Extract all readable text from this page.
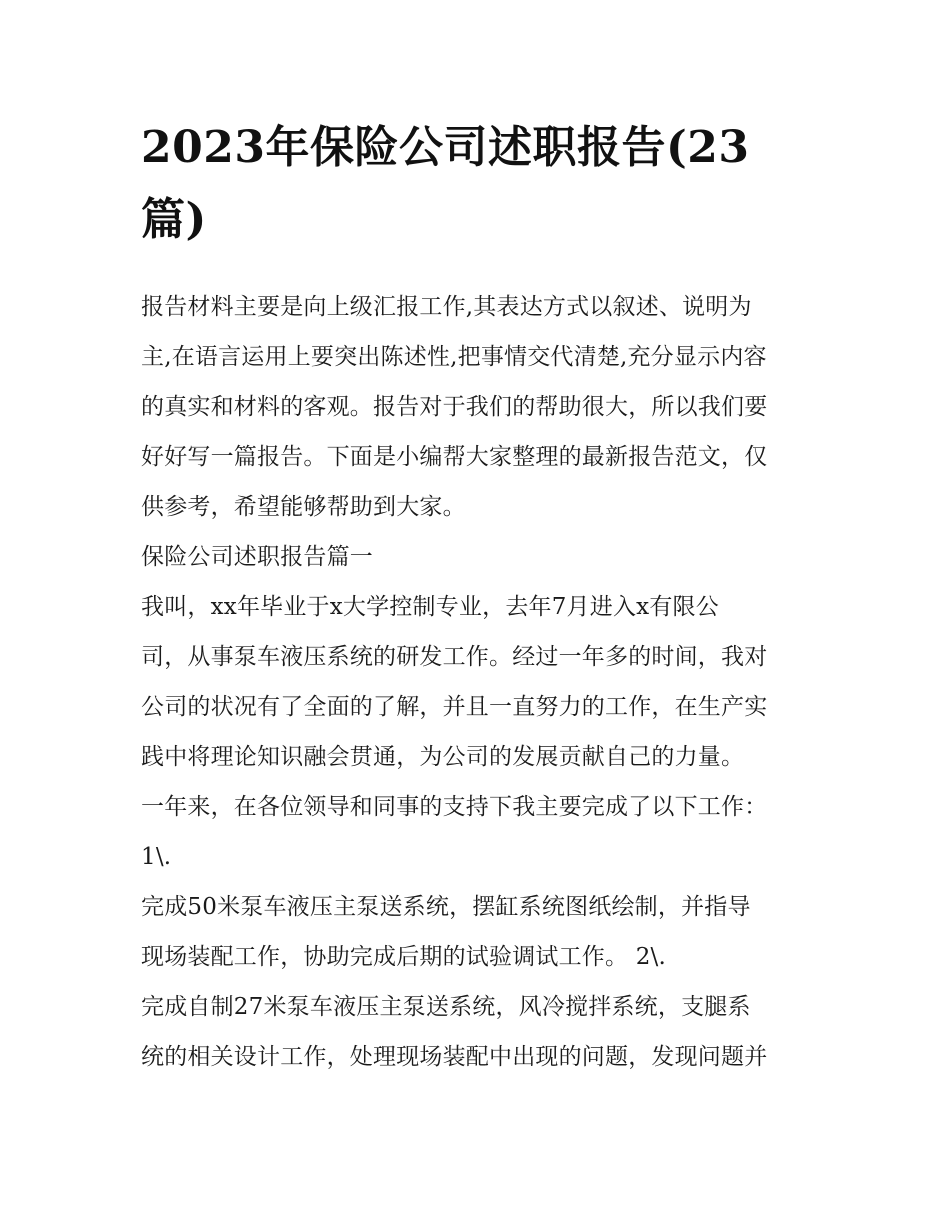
2023年保险公司述职报告(23
篇)
报告材料主要是向上级汇报工作,其表达方式以叙述、说明为
主,在语言运用上要突出陈述性,把事情交代清楚,充分显示内容
的真实和材料的客观。报告对于我们的帮助很大，所以我们要
好好写一篇报告。下面是小编帮大家整理的最新报告范文，仅
供参考，希望能够帮助到大家。
保险公司述职报告篇一
我叫，xx年毕业于x大学控制专业，去年7月进入x有限公
司，从事泵车液压系统的研发工作。经过一年多的时间，我对
公司的状况有了全面的了解，并且一直努力的工作，在生产实
践中将理论知识融会贯通，为公司的发展贡献自己的力量。
一年来，在各位领导和同事的支持下我主要完成了以下工作：
1\.
完成50米泵车液压主泵送系统，摆缸系统图纸绘制，并指导
现场装配工作，协助完成后期的试验调试工作。 2\.
完成自制27米泵车液压主泵送系统，风冷搅拌系统，支腿系
统的相关设计工作，处理现场装配中出现的问题，发现问题并
